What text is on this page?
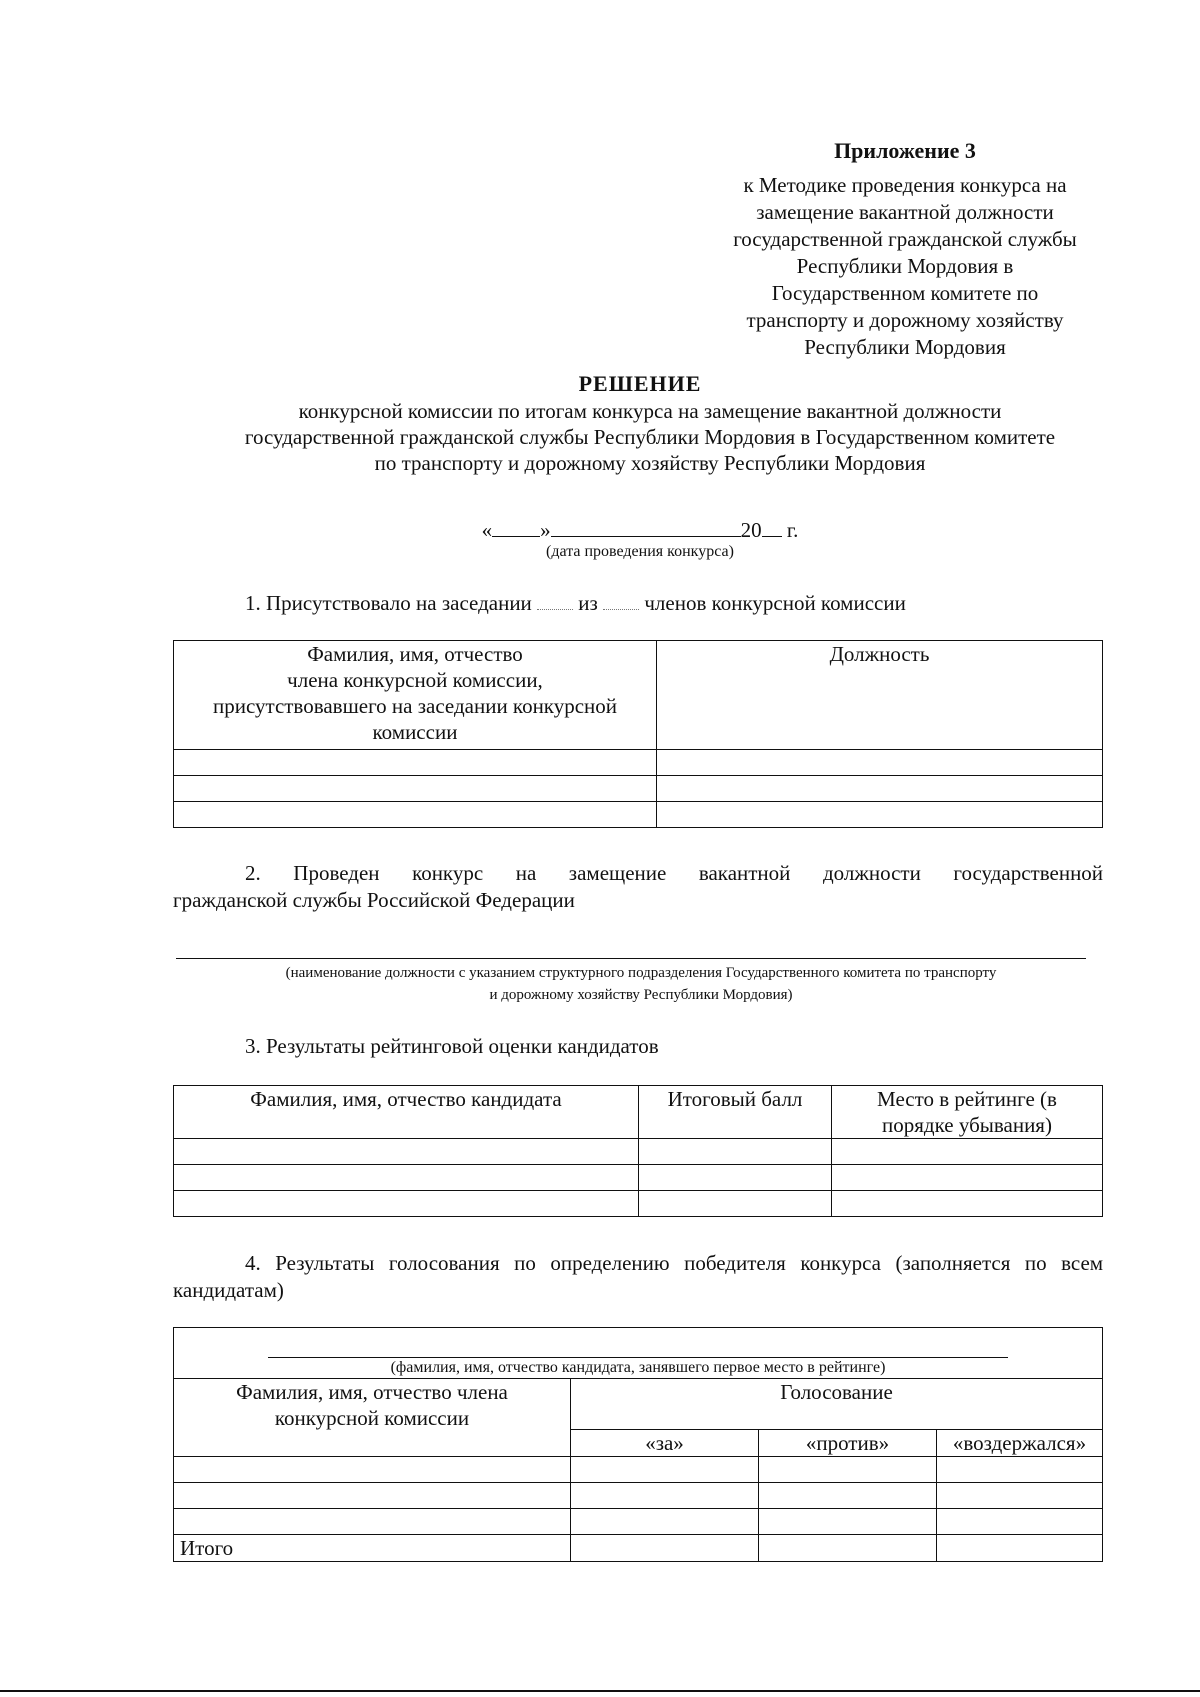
Приложение 3
к Методике проведения конкурса на
замещение вакантной должности
государственной гражданской службы
Республики Мордовия в
Государственном комитете по
транспорту и дорожному хозяйству
Республики Мордовия
РЕШЕНИЕ
конкурсной комиссии по итогам конкурса на замещение вакантной должности
государственной гражданской службы Республики Мордовия в Государственном комитете
по транспорту и дорожному хозяйству Республики Мордовия
« »	20 г.
(дата проведения конкурса)
1. Присутствовало на заседании из членов конкурсной комиссии
Фамилия, имя, отчество
члена конкурсной комиссии,
присутствовавшего на заседании конкурсной
комиссии	Должность

2. Проведен конкурс на замещение вакантной должности государственной
гражданской службы Российской Федерации
(наименование должности с указанием структурного подразделения Государственного комитета по транспорту
и дорожному хозяйству Республики Мордовия)
3. Результаты рейтинговой оценки кандидатов
Фамилия, имя, отчество кандидата	Итоговый балл	Место в рейтинге (в
порядке убывания)

4. Результаты голосования по определению победителя конкурса (заполняется по всем
кандидатам)
(фамилия, имя, отчество кандидата, занявшего первое место в рейтинге)			

Фамилия, имя, отчество члена
конкурсной комиссии	Голосование		
	«за»	«против»	«воздержался»

Итого			
